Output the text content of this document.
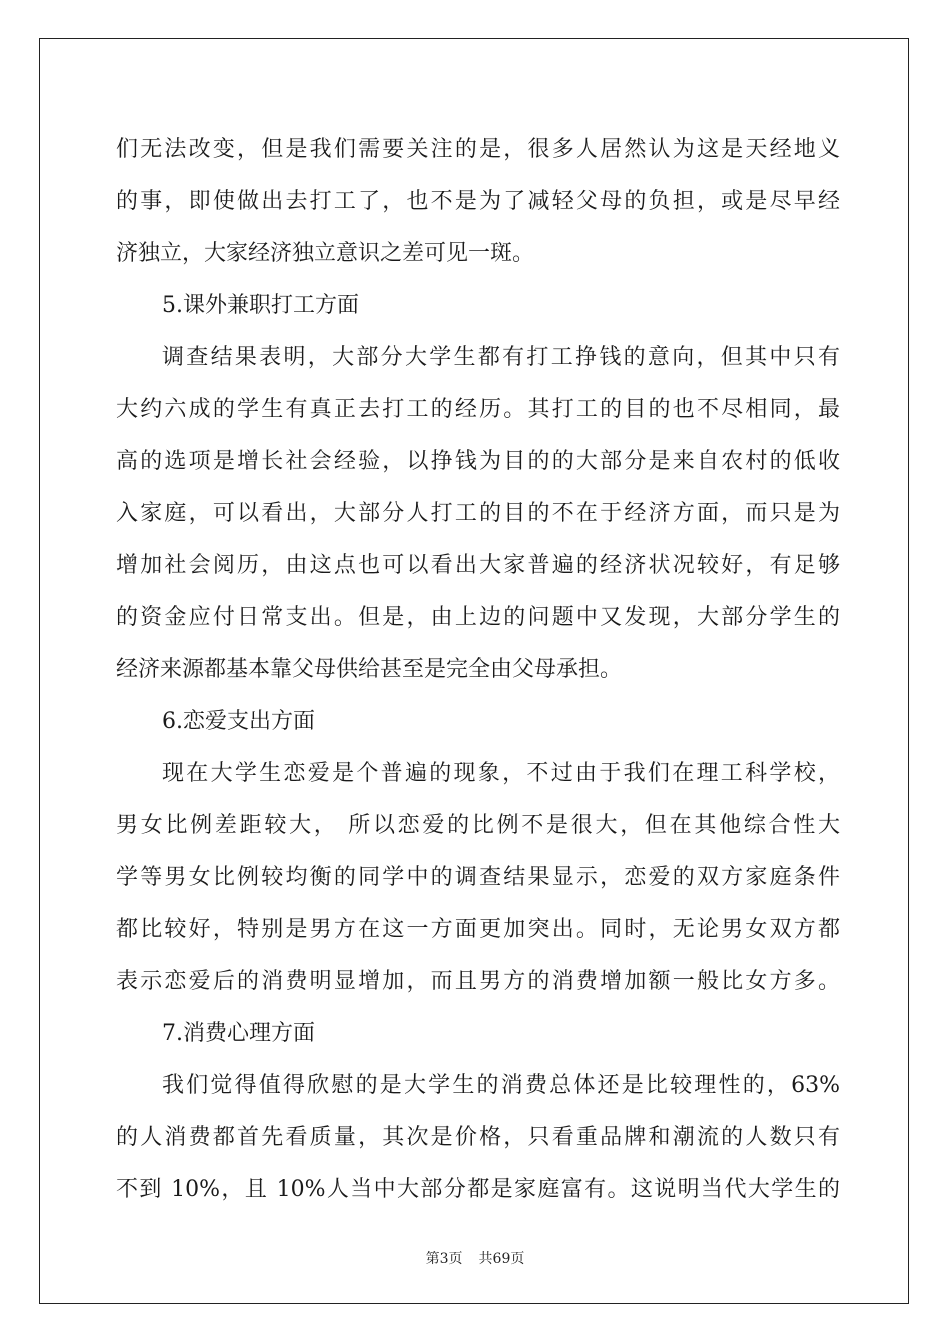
们无法改变，但是我们需要关注的是，很多人居然认为这是天经地义
的事，即使做出去打工了，也不是为了减轻父母的负担，或是尽早经
济独立，大家经济独立意识之差可见一斑。
5.课外兼职打工方面
调查结果表明，大部分大学生都有打工挣钱的意向，但其中只有
大约六成的学生有真正去打工的经历。其打工的目的也不尽相同，最
高的选项是增长社会经验，以挣钱为目的的大部分是来自农村的低收
入家庭，可以看出，大部分人打工的目的不在于经济方面，而只是为
增加社会阅历，由这点也可以看出大家普遍的经济状况较好，有足够
的资金应付日常支出。但是，由上边的问题中又发现，大部分学生的
经济来源都基本靠父母供给甚至是完全由父母承担。
6.恋爱支出方面
现在大学生恋爱是个普遍的现象，不过由于我们在理工科学校，
男女比例差距较大， 所以恋爱的比例不是很大，但在其他综合性大
学等男女比例较均衡的同学中的调查结果显示，恋爱的双方家庭条件
都比较好，特别是男方在这一方面更加突出。同时，无论男女双方都
表示恋爱后的消费明显增加，而且男方的消费增加额一般比女方多。
7.消费心理方面
我们觉得值得欣慰的是大学生的消费总体还是比较理性的，63%
的人消费都首先看质量，其次是价格，只看重品牌和潮流的人数只有
不到 10%，且 10%人当中大部分都是家庭富有。这说明当代大学生的
第3页 共69页
